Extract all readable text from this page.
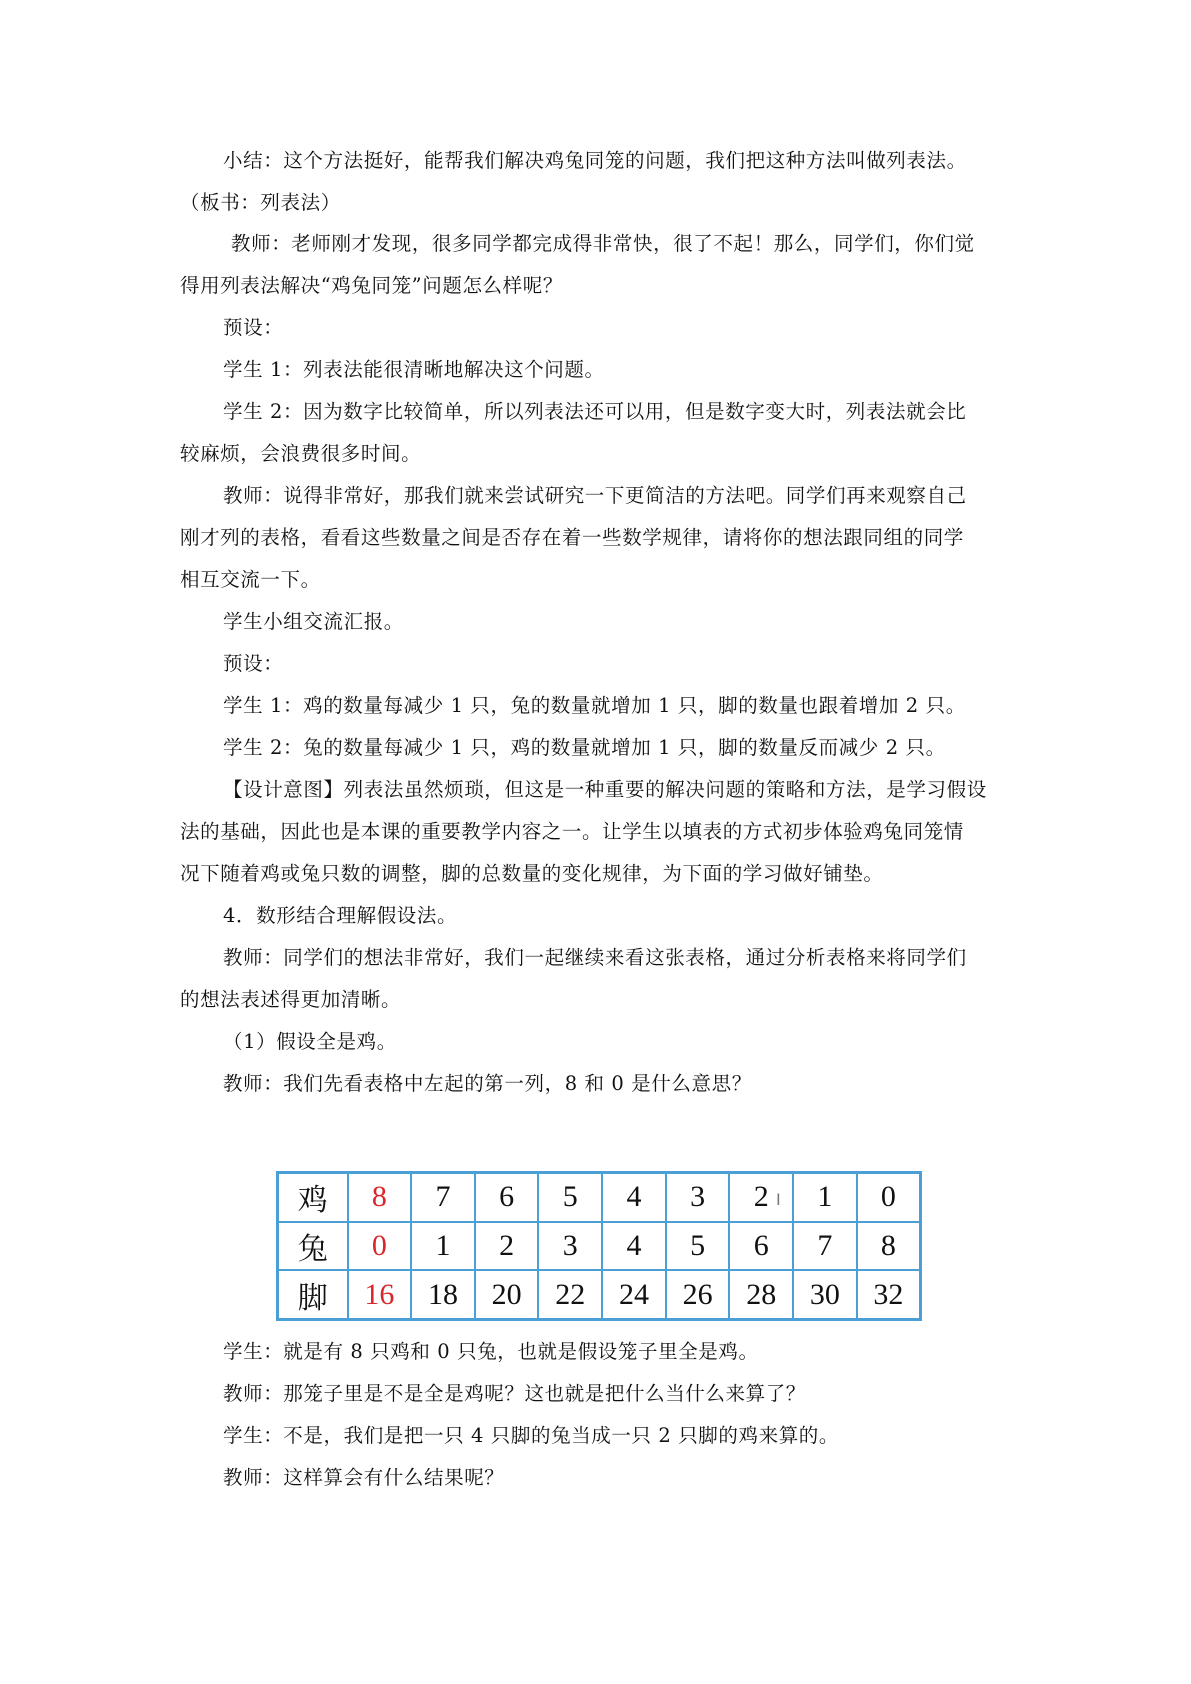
小结：这个方法挺好，能帮我们解决鸡兔同笼的问题，我们把这种方法叫做列表法。
（板书：列表法）
教师：老师刚才发现，很多同学都完成得非常快，很了不起！那么，同学们，你们觉
得用列表法解决“鸡兔同笼”问题怎么样呢？
预设：
学生 1：列表法能很清晰地解决这个问题。
学生 2：因为数字比较简单，所以列表法还可以用，但是数字变大时，列表法就会比
较麻烦，会浪费很多时间。
教师：说得非常好，那我们就来尝试研究一下更简洁的方法吧。同学们再来观察自己
刚才列的表格，看看这些数量之间是否存在着一些数学规律，请将你的想法跟同组的同学
相互交流一下。
学生小组交流汇报。
预设：
学生 1：鸡的数量每减少 1 只，兔的数量就增加 1 只，脚的数量也跟着增加 2 只。
学生 2：兔的数量每减少 1 只，鸡的数量就增加 1 只，脚的数量反而减少 2 只。
【设计意图】列表法虽然烦琐，但这是一种重要的解决问题的策略和方法，是学习假设
法的基础，因此也是本课的重要教学内容之一。让学生以填表的方式初步体验鸡兔同笼情
况下随着鸡或兔只数的调整，脚的总数量的变化规律，为下面的学习做好铺垫。
4．数形结合理解假设法。
教师：同学们的想法非常好，我们一起继续来看这张表格，通过分析表格来将同学们
的想法表述得更加清晰。
（1）假设全是鸡。
教师：我们先看表格中左起的第一列，8 和 0 是什么意思？
鸡	8	7	6	5	4	3	2	1	0
兔	0	1	2	3	4	5	6	7	8
脚	16	18	20	22	24	26	28	30	32
I
学生：就是有 8 只鸡和 0 只兔，也就是假设笼子里全是鸡。
教师：那笼子里是不是全是鸡呢？这也就是把什么当什么来算了？
学生：不是，我们是把一只 4 只脚的兔当成一只 2 只脚的鸡来算的。
教师：这样算会有什么结果呢？
